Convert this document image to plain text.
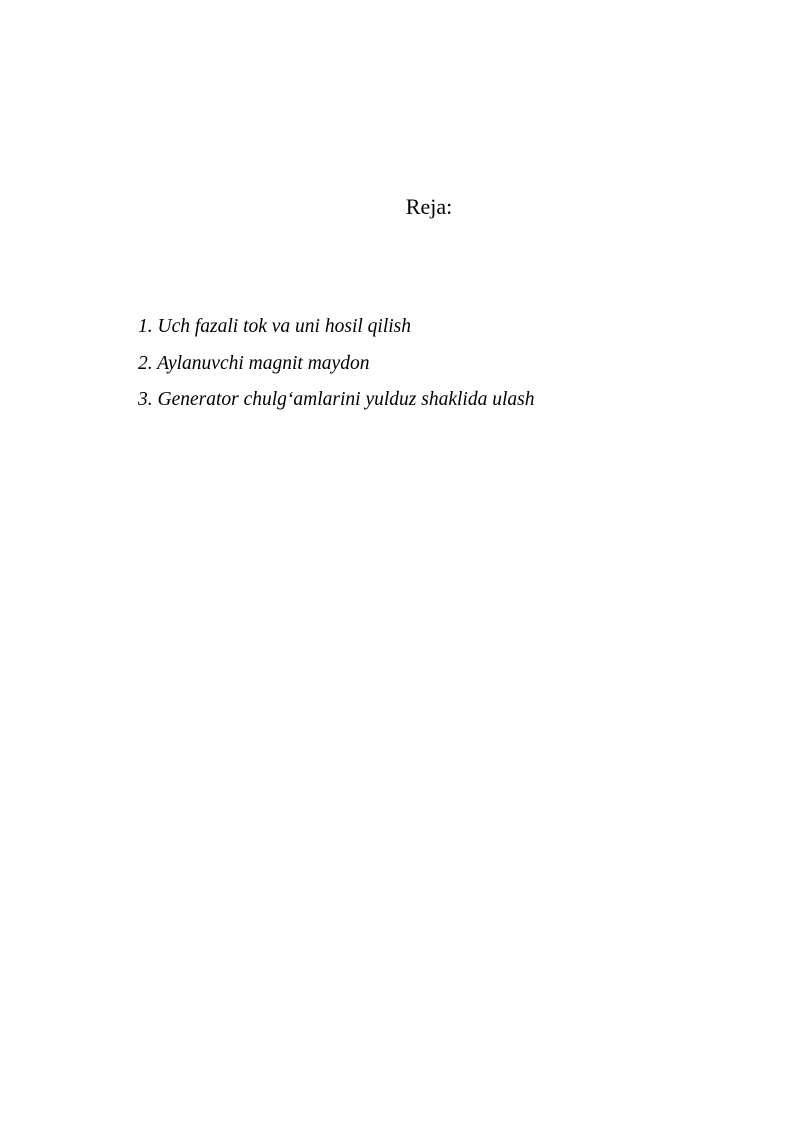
Reja:
1. Uch fazali tok va uni hosil qilish
2. Aylanuvchi magnit maydon
3. Generator chulg‘amlarini yulduz shaklida ulash
